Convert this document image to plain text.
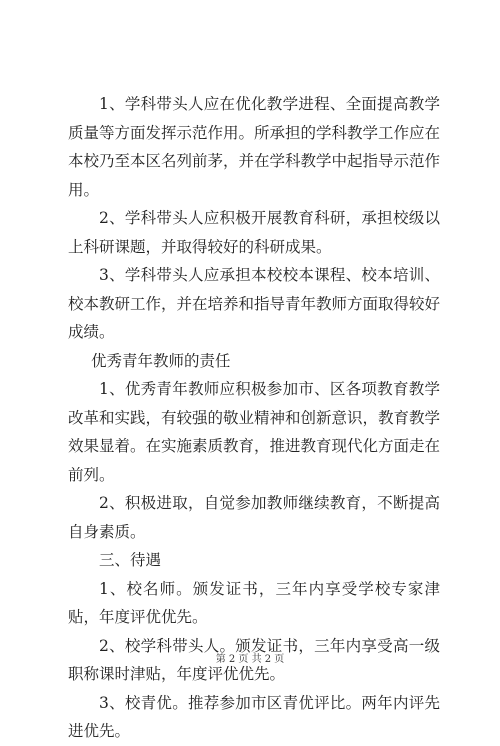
1、学科带头人应在优化教学进程、全面提高教学质量等方面发挥示范作用。所承担的学科教学工作应在本校乃至本区名列前茅，并在学科教学中起指导示范作用。

2、学科带头人应积极开展教育科研，承担校级以上科研课题，并取得较好的科研成果。

3、学科带头人应承担本校校本课程、校本培训、校本教研工作，并在培养和指导青年教师方面取得较好成绩。

优秀青年教师的责任

1、优秀青年教师应积极参加市、区各项教育教学改革和实践，有较强的敬业精神和创新意识，教育教学效果显着。在实施素质教育，推进教育现代化方面走在前列。

2、积极进取，自觉参加教师继续教育，不断提高自身素质。

三、待遇

1、校名师。颁发证书，三年内享受学校专家津贴，年度评优优先。

2、校学科带头人。颁发证书，三年内享受高一级职称课时津贴，年度评优优先。

3、校青优。推荐参加市区青优评比。两年内评先进优先。

第 2 页 共 2 页
